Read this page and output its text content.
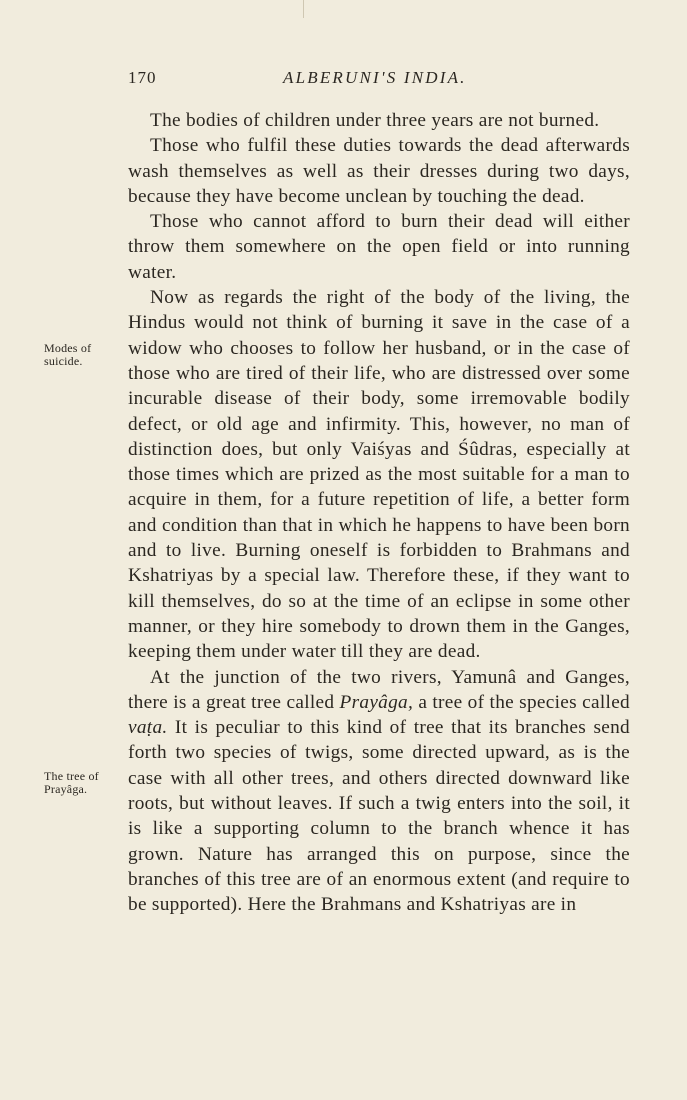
170	ALBERUNI'S INDIA.
Modes of suicide.
The tree of Prayâga.

The bodies of children under three years are not burned.

Those who fulfil these duties towards the dead afterwards wash themselves as well as their dresses during two days, because they have become unclean by touching the dead.

Those who cannot afford to burn their dead will either throw them somewhere on the open field or into running water.

Now as regards the right of the body of the living, the Hindus would not think of burning it save in the case of a widow who chooses to follow her husband, or in the case of those who are tired of their life, who are distressed over some incurable disease of their body, some irremovable bodily defect, or old age and infirmity. This, however, no man of distinction does, but only Vaiśyas and Śûdras, especially at those times which are prized as the most suitable for a man to acquire in them, for a future repetition of life, a better form and condition than that in which he happens to have been born and to live. Burning oneself is forbidden to Brahmans and Kshatriyas by a special law. Therefore these, if they want to kill themselves, do so at the time of an eclipse in some other manner, or they hire somebody to drown them in the Ganges, keeping them under water till they are dead.

At the junction of the two rivers, Yamunâ and Ganges, there is a great tree called Prayâga, a tree of the species called vaṭa. It is peculiar to this kind of tree that its branches send forth two species of twigs, some directed upward, as is the case with all other trees, and others directed downward like roots, but without leaves. If such a twig enters into the soil, it is like a supporting column to the branch whence it has grown. Nature has arranged this on purpose, since the branches of this tree are of an enormous extent (and require to be supported). Here the Brahmans and Kshatriyas are in
